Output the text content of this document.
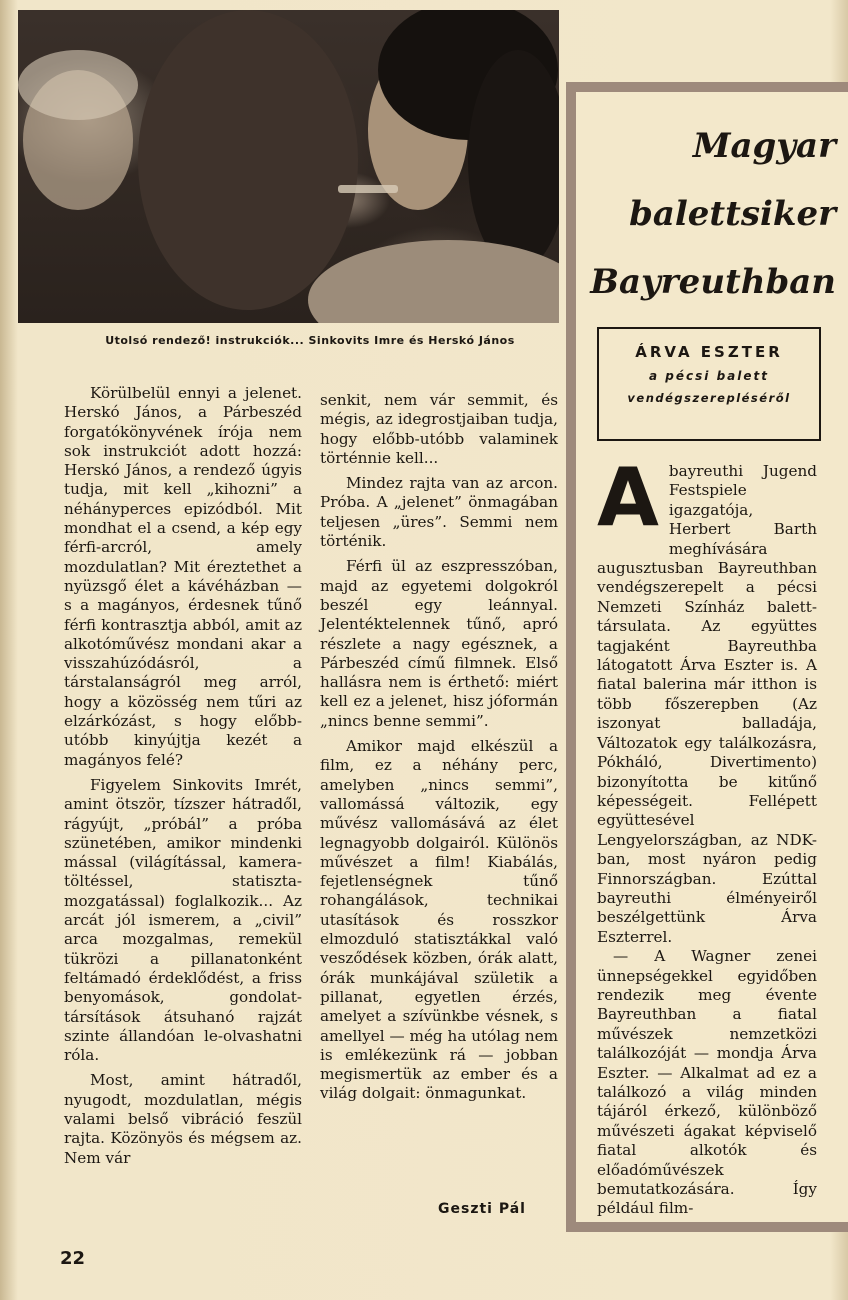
Utolsó rendező! instrukciók... Sinkovits Imre és Herskó János

Körülbelül ennyi a jelenet. Herskó János, a Párbeszéd forgatókönyvének írója nem sok instrukciót adott hozzá: Herskó János, a rendező úgyis tudja, mit kell „kihozni” a néhányperces epizódból. Mit mondhat el a csend, a kép egy férfi-arcról, amely mozdulatlan? Mit éreztethet a nyüzsgő élet a kávéházban — s a magányos, érdesnek tűnő férfi kontrasztja abból, amit az alkotóművész mondani akar a visszahúzódásról, a társtalanságról meg arról, hogy a közösség nem tűri az elzárkózást, s hogy előbb-utóbb kinyújtja kezét a magányos felé?

Figyelem Sinkovits Imrét, amint ötször, tízszer hátradől, rágyújt, „próbál” a próba szünetében, amikor mindenki mással (világítással, kamera-töltéssel, statiszta-mozgatással) foglalkozik... Az arcát jól ismerem, a „civil” arca mozgalmas, remekül tükrözi a pillanatonként feltámadó érdeklődést, a friss benyomások, gondolat-társítások átsuhanó rajzát szinte állandóan le-olvashatni róla.

Most, amint hátradől, nyugodt, mozdulatlan, mégis valami belső vibráció feszül rajta. Közönyös és mégsem az. Nem vár

senkit, nem vár semmit, és mégis, az idegrostjaiban tudja, hogy előbb-utóbb valaminek történnie kell...

Mindez rajta van az arcon. Próba. A „jelenet” önmagában teljesen „üres”. Semmi nem történik.

Férfi ül az eszpresszóban, majd az egyetemi dolgokról beszél egy leánnyal. Jelentéktelennek tűnő, apró részlete a nagy egésznek, a Párbeszéd című filmnek. Első hallásra nem is érthető: miért kell ez a jelenet, hisz jóformán „nincs benne semmi”.

Amikor majd elkészül a film, ez a néhány perc, amelyben „nincs semmi”, vallomássá változik, egy művész vallomásává az élet legnagyobb dolgairól. Különös művészet a film! Kiabálás, fejetlenségnek tűnő rohangálások, technikai utasítások és rosszkor elmozduló statisztákkal való vesződések közben, órák alatt, órák munkájával születik a pillanat, egyetlen érzés, amelyet a szívünkbe vésnek, s amellyel — még ha utólag nem is emlékezünk rá — jobban megismertük az ember és a világ dolgait: önmagunkat.

Geszti Pál
22
Magyar
balettsiker
Bayreuthban
ÁRVA ESZTER
a pécsi balett
vendégszerepléséről

Abayreuthi Jugend Festspiele igazgatója, Herbert Barth meghívására augusztusban Bayreuthban vendégszerepelt a pécsi Nemzeti Színház balett-társulata. Az együttes tagjaként Bayreuthba látogatott Árva Eszter is. A fiatal balerina már itthon is több főszerepben (Az iszonyat balladája, Változatok egy találkozásra, Pókháló, Divertimento) bizonyította be kitűnő képességeit. Fellépett együttesével Lengyelországban, az NDK-ban, most nyáron pedig Finnországban. Ezúttal bayreuthi élményeiről beszélgettünk Árva Eszterrel.

— A Wagner zenei ünnepségekkel egyidőben rendezik meg évente Bayreuthban a fiatal művészek nemzetközi találkozóját — mondja Árva Eszter. — Alkalmat ad ez a találkozó a világ minden tájáról érkező, különböző művészeti ágakat képviselő fiatal alkotók és előadóművészek bemutatkozására. Így például film-
